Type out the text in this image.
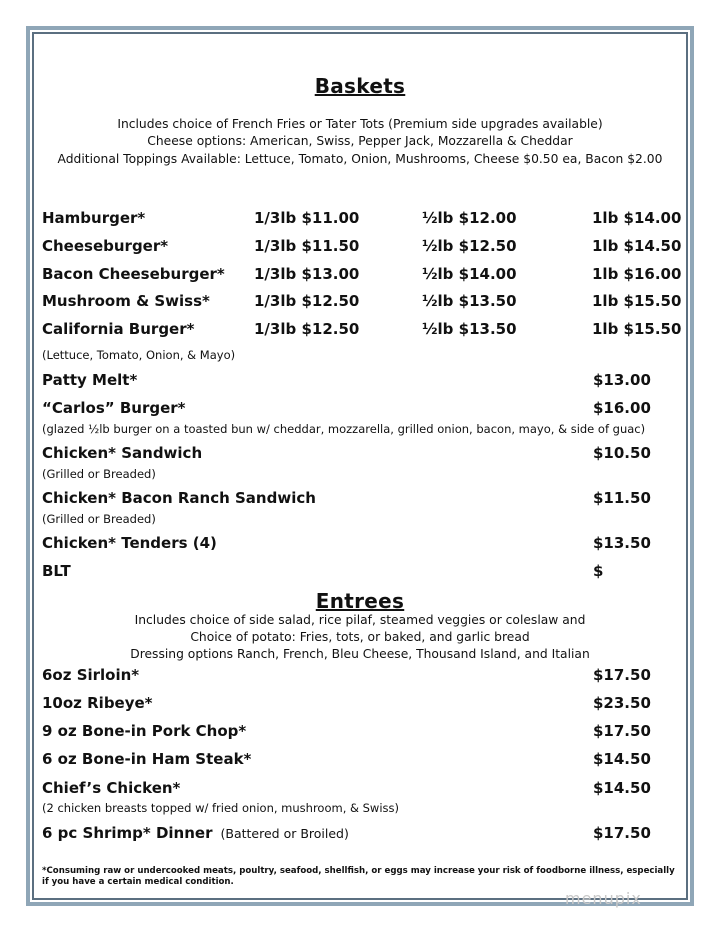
Baskets
Includes choice of French Fries or Tater Tots (Premium side upgrades available)
Cheese options: American, Swiss, Pepper Jack, Mozzarella & Cheddar
Additional Toppings Available: Lettuce, Tomato, Onion, Mushrooms, Cheese $0.50 ea, Bacon $2.00
Hamburger*	1/3lb $11.00	½lb $12.00	1lb $14.00
Cheeseburger*	1/3lb $11.50	½lb $12.50	1lb $14.50
Bacon Cheeseburger* 1/3lb $13.00	½lb $14.00	1lb $16.00
Mushroom & Swiss*	1/3lb $12.50	½lb $13.50	1lb $15.50
California Burger*	1/3lb $12.50	½lb $13.50	1lb $15.50
(Lettuce, Tomato, Onion, & Mayo)
Patty Melt*	$13.00
“Carlos” Burger*	$16.00
(glazed ½lb burger on a toasted bun w/ cheddar, mozzarella, grilled onion, bacon, mayo, & side of guac)
Chicken* Sandwich	$10.50
(Grilled or Breaded)
Chicken* Bacon Ranch Sandwich	$11.50
(Grilled or Breaded)
Chicken* Tenders (4)	$13.50
BLT	$
Entrees
Includes choice of side salad, rice pilaf, steamed veggies or coleslaw and
Choice of potato: Fries, tots, or baked, and garlic bread
Dressing options Ranch, French, Bleu Cheese, Thousand Island, and Italian
6oz Sirloin*	$17.50
10oz Ribeye*	$23.50
9 oz Bone-in Pork Chop*	$17.50
6 oz Bone-in Ham Steak*	$14.50
Chief’s Chicken*	$14.50
(2 chicken breasts topped w/ fried onion, mushroom, & Swiss)
6 pc Shrimp* Dinner (Battered or Broiled)	$17.50
*Consuming raw or undercooked meats, poultry, seafood, shellfish, or eggs may increase your risk of foodborne illness, especially if you have a certain medical condition.
menupix
